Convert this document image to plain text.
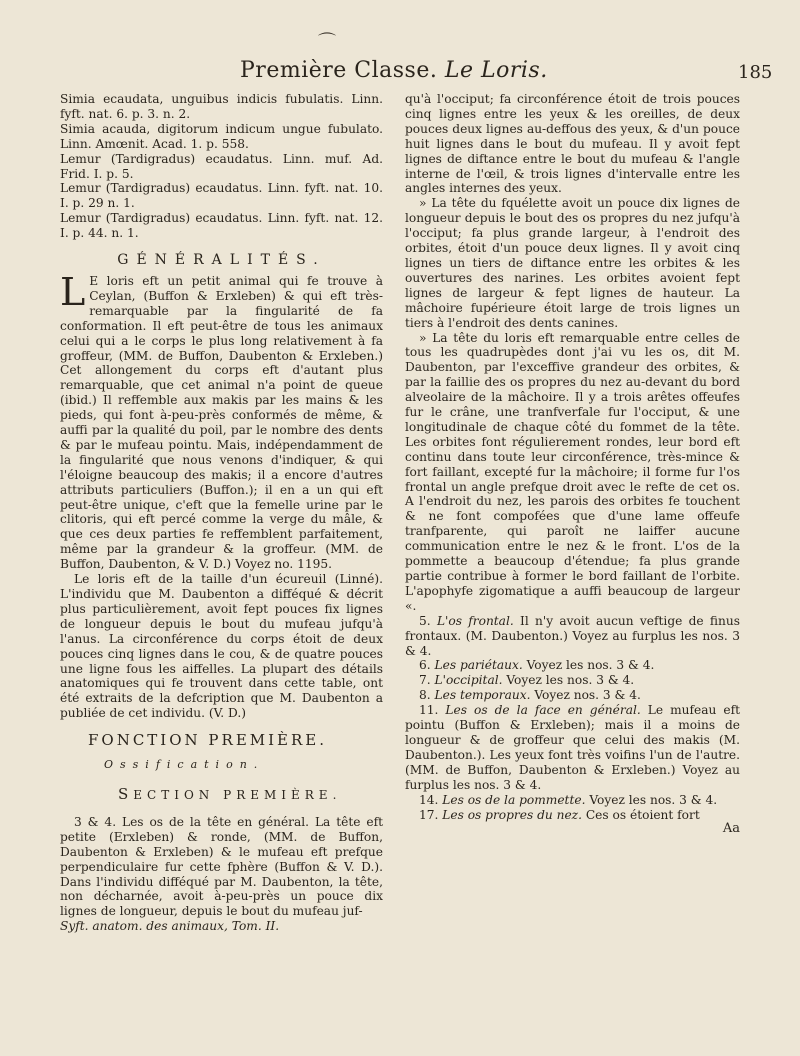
⌒
Première Classe. Le Loris.	185

Simia ecaudata, unguibus indicis fubulatis. Linn. fyft. nat. 6. p. 3. n. 2.

Simia acauda, digitorum indicum ungue fubulato. Linn. Amœnit. Acad. 1. p. 558.

Lemur (Tardigradus) ecaudatus. Linn. muf. Ad. Frid. I. p. 5.

Lemur (Tardigradus) ecaudatus. Linn. fyft. nat. 10. I. p. 29 n. 1.

Lemur (Tardigradus) ecaudatus. Linn. fyft. nat. 12. I. p. 44. n. 1.

GÉNÉRALITÉS.

L E loris eft un petit animal qui fe trouve à Ceylan, (Buffon & Erxleben) & qui eft très-remarquable par la fingularité de fa conformation. Il eft peut-être de tous les animaux celui qui a le corps le plus long relativement à fa groffeur, (MM. de Buffon, Daubenton & Erxleben.) Cet allongement du corps eft d'autant plus remarquable, que cet animal n'a point de queue (ibid.) Il reffemble aux makis par les mains & les pieds, qui font à-peu-près conformés de même, & auffi par la qualité du poil, par le nombre des dents & par le mufeau pointu. Mais, indépendamment de la fingularité que nous venons d'indiquer, & qui l'éloigne beaucoup des makis; il a encore d'autres attributs particuliers (Buffon.); il en a un qui eft peut-être unique, c'eft que la femelle urine par le clitoris, qui eft percé comme la verge du mâle, & que ces deux parties fe reffemblent parfaitement, même par la grandeur & la groffeur. (MM. de Buffon, Daubenton, & V. D.) Voyez no. 1195.

Le loris eft de la taille d'un écureuil (Linné). L'individu que M. Daubenton a difféqué & décrit plus particulièrement, avoit fept pouces fix lignes de longueur depuis le bout du mufeau jufqu'à l'anus. La circonférence du corps étoit de deux pouces cinq lignes dans le cou, & de quatre pouces une ligne fous les aiffelles. La plupart des détails anatomiques qui fe trouvent dans cette table, ont été extraits de la defcription que M. Daubenton a publiée de cet individu. (V. D.)

FONCTION PREMIÈRE.
Ossification.
SECTION PREMIÈRE.

3 & 4. Les os de la tête en général. La tête eft petite (Erxleben) & ronde, (MM. de Buffon, Daubenton & Erxleben) & le mufeau eft prefque perpendiculaire fur cette fphère (Buffon & V. D.). Dans l'individu difféqué par M. Daubenton, la tête, non décharnée, avoit à-peu-près un pouce dix lignes de longueur, depuis le bout du mufeau juf-

Syft. anatom. des animaux, Tom. II.

qu'à l'occiput; fa circonférence étoit de trois pouces cinq lignes entre les yeux & les oreilles, de deux pouces deux lignes au-deffous des yeux, & d'un pouce huit lignes dans le bout du mufeau. Il y avoit fept lignes de diftance entre le bout du mufeau & l'angle interne de l'œil, & trois lignes d'intervalle entre les angles internes des yeux.

» La tête du fquélette avoit un pouce dix lignes de longueur depuis le bout des os propres du nez jufqu'à l'occiput; fa plus grande largeur, à l'endroit des orbites, étoit d'un pouce deux lignes. Il y avoit cinq lignes un tiers de diftance entre les orbites & les ouvertures des narines. Les orbites avoient fept lignes de largeur & fept lignes de hauteur. La mâchoire fupérieure étoit large de trois lignes un tiers à l'endroit des dents canines.

» La tête du loris eft remarquable entre celles de tous les quadrupèdes dont j'ai vu les os, dit M. Daubenton, par l'exceffive grandeur des orbites, & par la faillie des os propres du nez au-devant du bord alveolaire de la mâchoire. Il y a trois arêtes offeufes fur le crâne, une tranfverfale fur l'occiput, & une longitudinale de chaque côté du fommet de la tête. Les orbites font régulierement rondes, leur bord eft continu dans toute leur circonférence, très-mince & fort faillant, excepté fur la mâchoire; il forme fur l'os frontal un angle prefque droit avec le refte de cet os. A l'endroit du nez, les parois des orbites fe touchent & ne font compofées que d'une lame offeufe tranfparente, qui paroît ne laiffer aucune communication entre le nez & le front. L'os de la pommette a beaucoup d'étendue; fa plus grande partie contribue à former le bord faillant de l'orbite. L'apophyfe zigomatique a auffi beaucoup de largeur «.

5. L'os frontal. Il n'y avoit aucun veftige de finus frontaux. (M. Daubenton.) Voyez au furplus les nos. 3 & 4.

6. Les pariétaux. Voyez les nos. 3 & 4.

7. L'occipital. Voyez les nos. 3 & 4.

8. Les temporaux. Voyez nos. 3 & 4.

11. Les os de la face en général. Le mufeau eft pointu (Buffon & Erxleben); mais il a moins de longueur & de groffeur que celui des makis (M. Daubenton.). Les yeux font très voifins l'un de l'autre. (MM. de Buffon, Daubenton & Erxleben.) Voyez au furplus les nos. 3 & 4.

14. Les os de la pommette. Voyez les nos. 3 & 4.

17. Les os propres du nez. Ces os étoient fort

Aa
